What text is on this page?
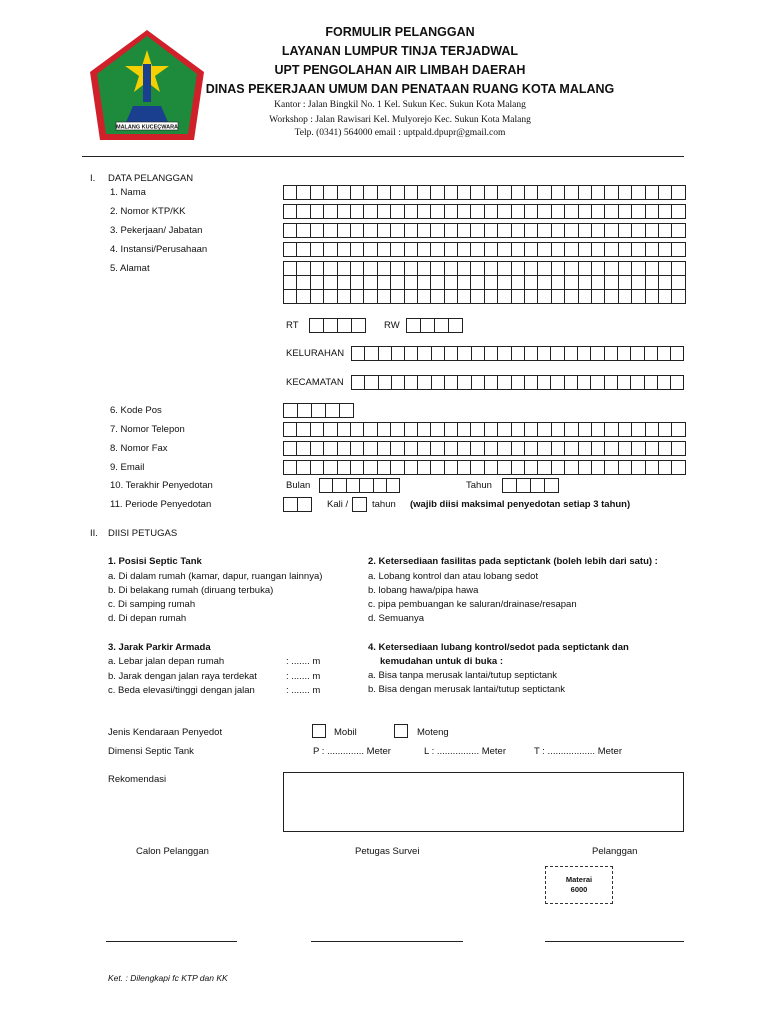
MALANG KUCEÇWARA
FORMULIR PELANGGAN
LAYANAN LUMPUR TINJA TERJADWAL
UPT PENGOLAHAN AIR LIMBAH DAERAH
DINAS PEKERJAAN UMUM DAN PENATAAN RUANG KOTA MALANG
Kantor : Jalan Bingkil No. 1 Kel. Sukun Kec. Sukun Kota Malang
Workshop : Jalan Rawisari Kel. Mulyorejo Kec. Sukun Kota Malang
Telp. (0341) 564000 email : uptpald.dpupr@gmail.com
I. DATA PELANGGAN
1. Nama
2. Nomor KTP/KK
3. Pekerjaan/ Jabatan
4. Instansi/Perusahaan
5. Alamat
RT	RW
KELURAHAN
KECAMATAN
6. Kode Pos
7. Nomor Telepon
8. Nomor Fax
9. Email
10. Terakhir Penyedotan	Bulan	Tahun
11. Periode Penyedotan	Kali /	tahun (wajib diisi maksimal penyedotan setiap 3 tahun)
II. DIISI PETUGAS
1. Posisi Septic Tank
a. Di dalam rumah (kamar, dapur, ruangan lainnya)
b. Di belakang rumah (diruang terbuka)
c. Di samping rumah
d. Di depan rumah
2. Ketersediaan fasilitas pada septictank (boleh lebih dari satu) :
a. Lobang kontrol dan atau lobang sedot
b. lobang hawa/pipa hawa
c. pipa pembuangan ke saluran/drainase/resapan
d. Semuanya
3. Jarak Parkir Armada
a. Lebar jalan depan rumah	: ....... m
b. Jarak dengan jalan raya terdekat	: ....... m
c. Beda elevasi/tinggi dengan jalan	: ....... m
4. Ketersediaan lubang kontrol/sedot pada septictank dan
kemudahan untuk di buka :
a. Bisa tanpa merusak lantai/tutup septictank
b. Bisa dengan merusak lantai/tutup septictank
Jenis Kendaraan Penyedot	Mobil	Moteng
Dimensi Septic Tank	P : .............. Meter	L : ................ Meter	T : .................. Meter
Rekomendasi
Calon Pelanggan	Petugas Survei	Pelanggan
Materai
6000
Ket. : Dilengkapi fc KTP dan KK
